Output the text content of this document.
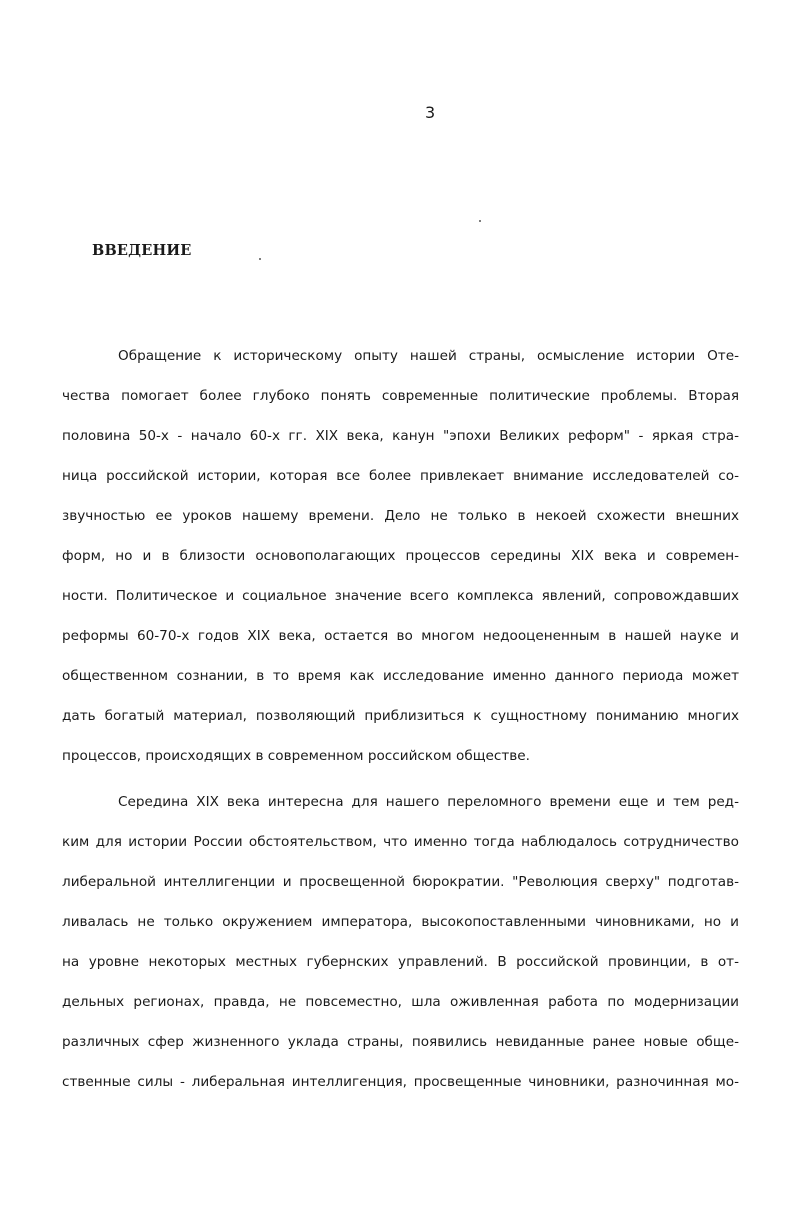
3
ВВЕДЕНИЕ
Обращение к историческому опыту нашей страны, осмысление истории Оте-
чества помогает более глубоко понять современные политические проблемы. Вторая
половина 50-х - начало 60-х гг. XIX века, канун "эпохи Великих реформ" - яркая стра-
ница российской истории, которая все более привлекает внимание исследователей со-
звучностью ее уроков нашему времени. Дело не только в некоей схожести внешних
форм, но и в близости основополагающих процессов середины XIX века и современ-
ности. Политическое и социальное значение всего комплекса явлений, сопровождавших
реформы 60-70-х годов XIX века, остается во многом недооцененным в нашей науке и
общественном сознании, в то время как исследование именно данного периода может
дать богатый материал, позволяющий приблизиться к сущностному пониманию многих
процессов, происходящих в современном российском обществе.
Середина XIX века интересна для нашего переломного времени еще и тем ред-
ким для истории России обстоятельством, что именно тогда наблюдалось сотрудничество
либеральной интеллигенции и просвещенной бюрократии. "Революция сверху" подготав-
ливалась не только окружением императора, высокопоставленными чиновниками, но и
на уровне некоторых местных губернских управлений. В российской провинции, в от-
дельных регионах, правда, не повсеместно, шла оживленная работа по модернизации
различных сфер жизненного уклада страны, появились невиданные ранее новые обще-
ственные силы - либеральная интеллигенция, просвещенные чиновники, разночинная мо-
